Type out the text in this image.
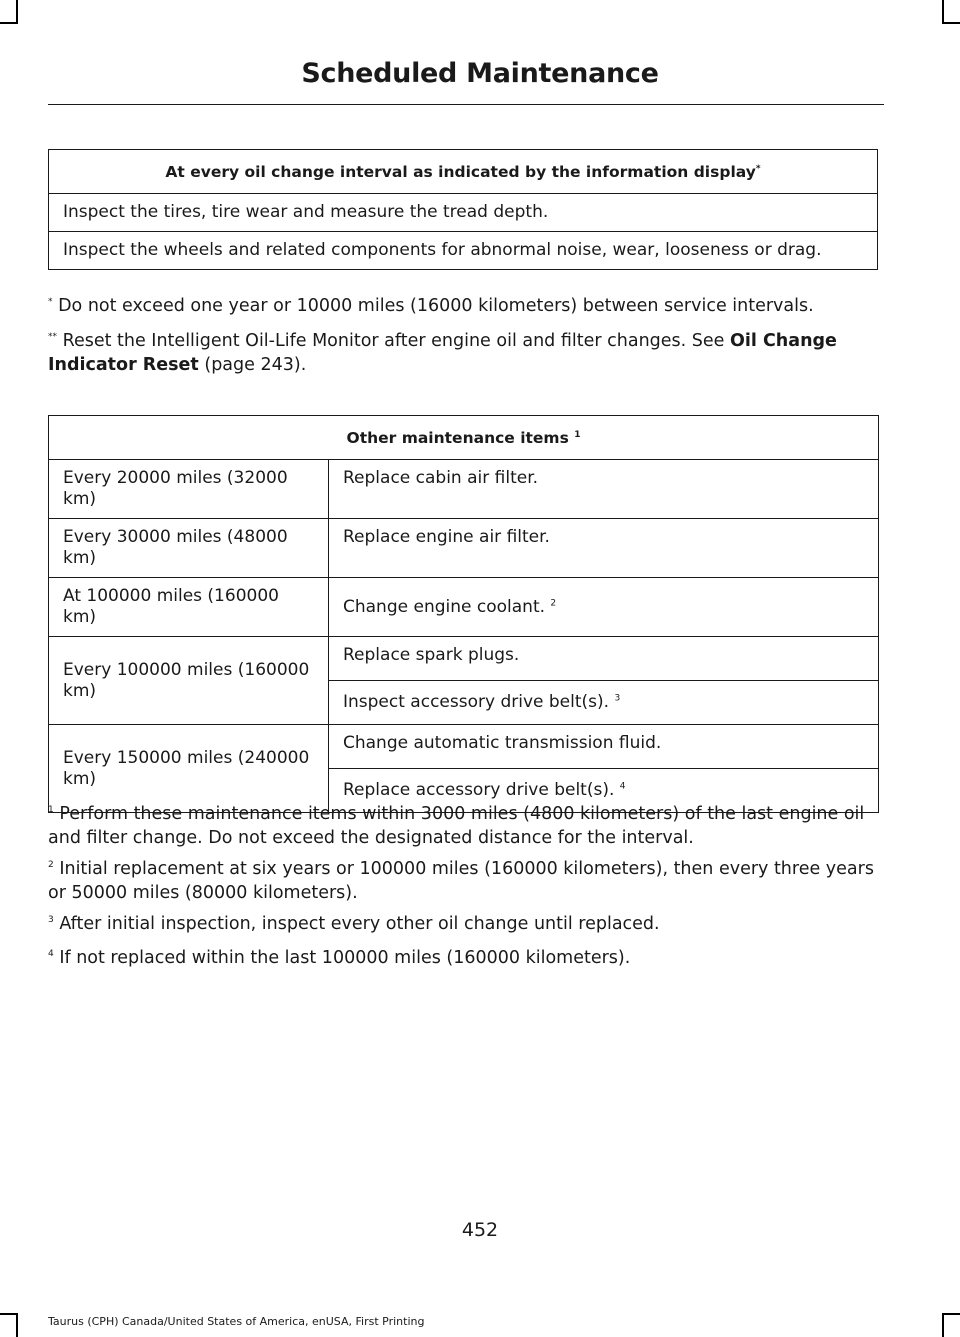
Scheduled Maintenance
At every oil change interval as indicated by the information display*
Inspect the tires, tire wear and measure the tread depth.
Inspect the wheels and related components for abnormal noise, wear, looseness or drag.

* Do not exceed one year or 10000 miles (16000 kilometers) between service intervals.

** Reset the Intelligent Oil-Life Monitor after engine oil and filter changes. See Oil Change Indicator Reset (page 243).

Other maintenance items $^1$
Every 20000 miles (32000 km)	Replace cabin air filter.
Every 30000 miles (48000 km)	Replace engine air filter.
At 100000 miles (160000 km)	Change engine coolant. $^2$
Every 100000 miles (160000 km)	Replace spark plugs.
	Inspect accessory drive belt(s). $^3$
Every 150000 miles (240000 km)	Change automatic transmission fluid.
	Replace accessory drive belt(s). $^4$

$^1$ Perform these maintenance items within 3000 miles (4800 kilometers) of the last engine oil and filter change. Do not exceed the designated distance for the interval.

$^2$ Initial replacement at six years or 100000 miles (160000 kilometers), then every three years or 50000 miles (80000 kilometers).

$^3$ After initial inspection, inspect every other oil change until replaced.

$^4$ If not replaced within the last 100000 miles (160000 kilometers).

452

Taurus (CPH) Canada/United States of America, enUSA, First Printing
